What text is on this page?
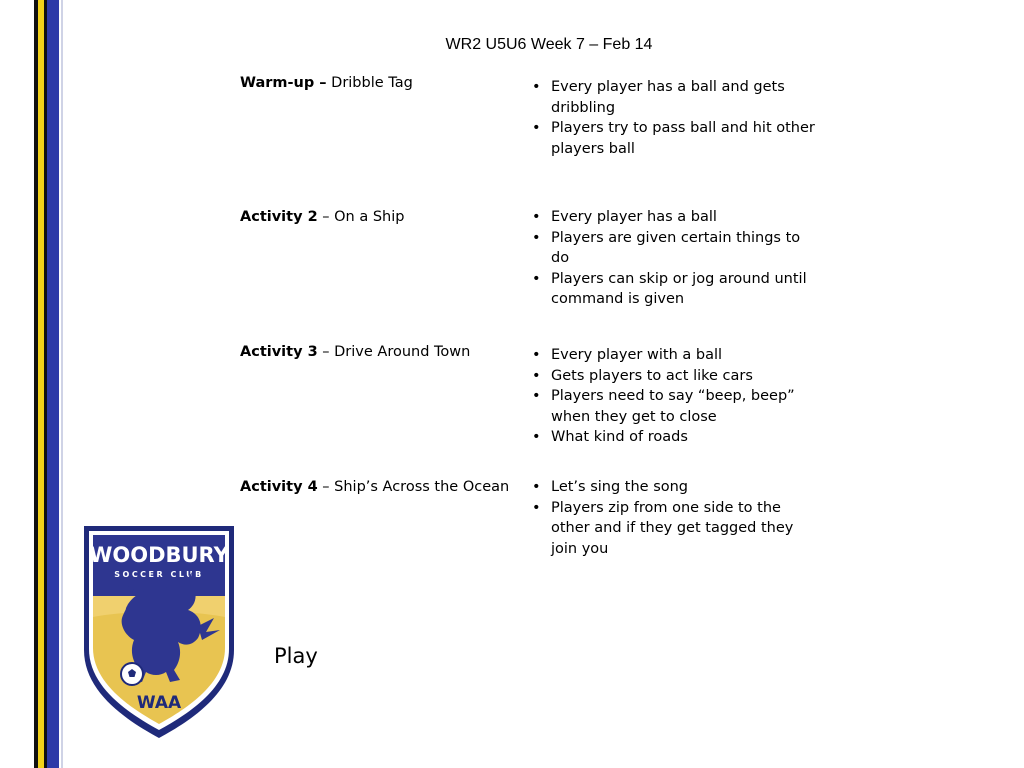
WR2 U5U6 Week 7 – Feb 14
Warm-up – Dribble Tag	• Every player has a ball and gets dribbling
• Players try to pass ball and hit other players ball
Activity 2 – On a Ship	• Every player has a ball
• Players are given certain things to do
• Players can skip or jog around until command is given
Activity 3 – Drive Around Town	• Every player with a ball
• Gets players to act like cars
• Players need to say “beep, beep” when they get to close
• What kind of roads
Activity 4 – Ship’s Across the Ocean	• Let’s sing the song
• Players zip from one side to the other and if they get tagged they join you
WOODBURY
SOCCER CLUB
WAA
Play
